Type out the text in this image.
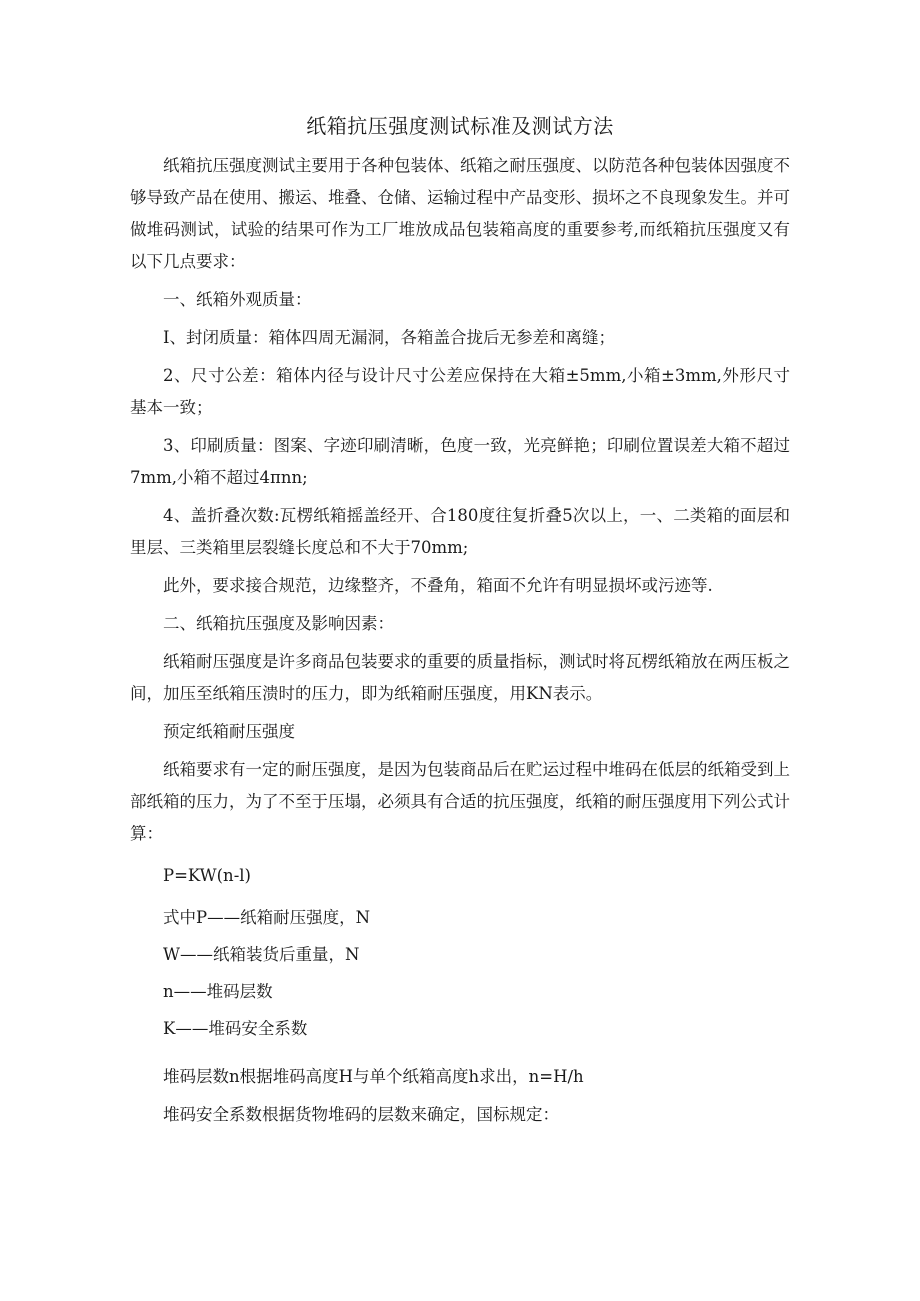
纸箱抗压强度测试标准及测试方法

纸箱抗压强度测试主要用于各种包装体、纸箱之耐压强度、以防范各种包装体因强度不够导致产品在使用、搬运、堆叠、仓储、运输过程中产品变形、损坏之不良现象发生。并可做堆码测试，试验的结果可作为工厂堆放成品包装箱高度的重要参考,而纸箱抗压强度又有以下几点要求：

一、纸箱外观质量：

I、封闭质量：箱体四周无漏洞，各箱盖合拢后无参差和离缝；

2、尺寸公差：箱体内径与设计尺寸公差应保持在大箱±5mm,小箱±3mm,外形尺寸基本一致；

3、印刷质量：图案、字迹印刷清晰，色度一致，光亮鲜艳；印刷位置误差大箱不超过7mm,小箱不超过4πnn;

4、盖折叠次数:瓦楞纸箱摇盖经开、合180度往复折叠5次以上，一、二类箱的面层和里层、三类箱里层裂缝长度总和不大于70mm;

此外，要求接合规范，边缘整齐，不叠角，箱面不允许有明显损坏或污迹等.

二、纸箱抗压强度及影响因素：

纸箱耐压强度是许多商品包装要求的重要的质量指标，测试时将瓦楞纸箱放在两压板之间，加压至纸箱压溃时的压力，即为纸箱耐压强度，用KN表示。

预定纸箱耐压强度

纸箱要求有一定的耐压强度，是因为包装商品后在贮运过程中堆码在低层的纸箱受到上部纸箱的压力，为了不至于压塌，必须具有合适的抗压强度，纸箱的耐压强度用下列公式计算：

P=KW(n-l)

式中P——纸箱耐压强度，N

W——纸箱装货后重量，N

n——堆码层数

K——堆码安全系数

堆码层数n根据堆码高度H与单个纸箱高度h求出，n=H∕h

堆码安全系数根据货物堆码的层数来确定，国标规定：
